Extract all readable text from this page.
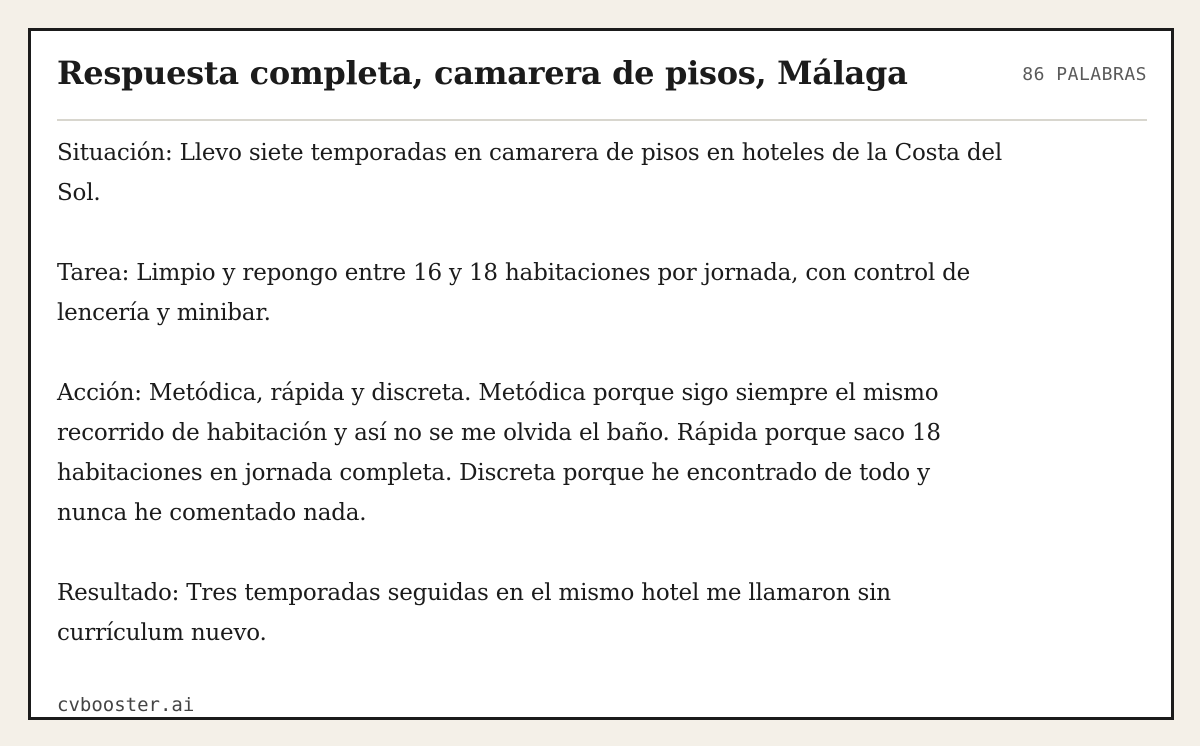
Respuesta completa, camarera de pisos, Málaga	86 PALABRAS

Situación: Llevo siete temporadas en camarera de pisos en hoteles de la Costa del Sol.

Tarea: Limpio y repongo entre 16 y 18 habitaciones por jornada, con control de lencería y minibar.

Acción: Metódica, rápida y discreta. Metódica porque sigo siempre el mismo recorrido de habitación y así no se me olvida el baño. Rápida porque saco 18 habitaciones en jornada completa. Discreta porque he encontrado de todo y nunca he comentado nada.

Resultado: Tres temporadas seguidas en el mismo hotel me llamaron sin currículum nuevo.

cvbooster.ai
